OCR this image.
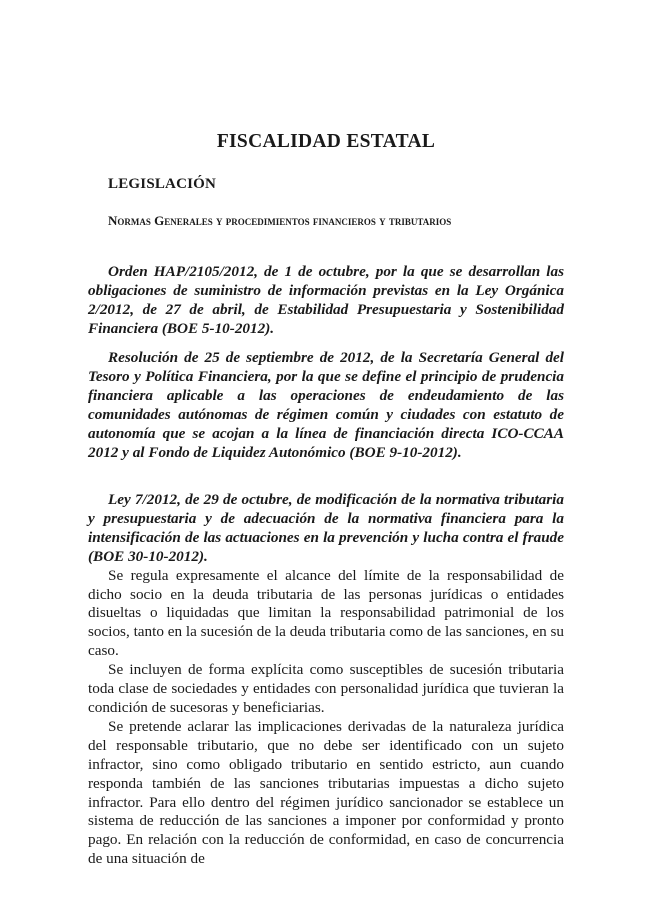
FISCALIDAD ESTATAL
LEGISLACIÓN
Normas Generales y procedimientos financieros y tributarios

Orden HAP/2105/2012, de 1 de octubre, por la que se desarrollan las obligaciones de suministro de información previstas en la Ley Orgánica 2/2012, de 27 de abril, de Estabilidad Presupuestaria y Sostenibilidad Financiera (BOE 5-10-2012).

Resolución de 25 de septiembre de 2012, de la Secretaría General del Tesoro y Política Financiera, por la que se define el principio de prudencia financiera aplicable a las operaciones de endeudamiento de las comunidades autónomas de régimen común y ciudades con estatuto de autonomía que se acojan a la línea de financiación directa ICO-CCAA 2012 y al Fondo de Liquidez Autonómico (BOE 9-10-2012).

Ley 7/2012, de 29 de octubre, de modificación de la normativa tributaria y presupuestaria y de adecuación de la normativa financiera para la intensificación de las actuaciones en la prevención y lucha contra el fraude (BOE 30-10-2012).

Se regula expresamente el alcance del límite de la responsabilidad de dicho socio en la deuda tributaria de las personas jurídicas o entidades disueltas o liquidadas que limitan la responsabilidad patrimonial de los socios, tanto en la sucesión de la deuda tributaria como de las sanciones, en su caso.

Se incluyen de forma explícita como susceptibles de sucesión tributaria toda clase de sociedades y entidades con personalidad jurídica que tuvieran la condición de sucesoras y beneficiarias.

Se pretende aclarar las implicaciones derivadas de la naturaleza jurídica del responsable tributario, que no debe ser identificado con un sujeto infractor, sino como obligado tributario en sentido estricto, aun cuando responda también de las sanciones tributarias impuestas a dicho sujeto infractor. Para ello dentro del régimen jurídico sancionador se establece un sistema de reducción de las sanciones a imponer por conformidad y pronto pago. En relación con la reducción de conformidad, en caso de concurrencia de una situación de
